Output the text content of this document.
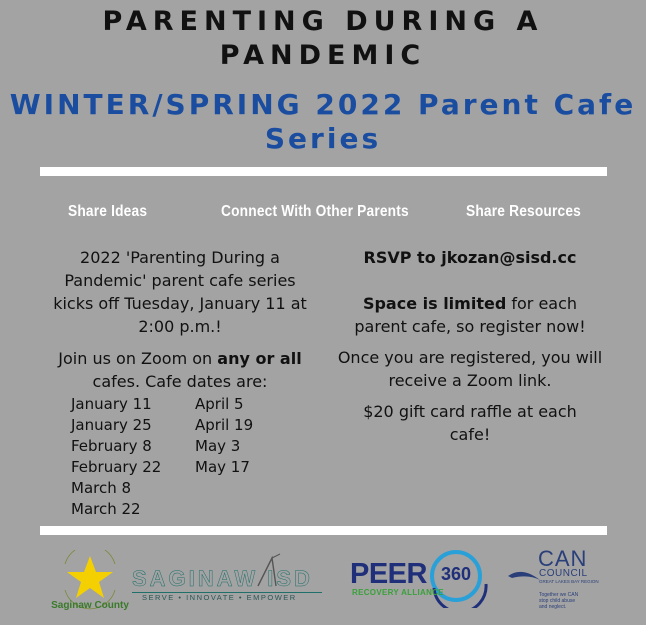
PARENTING DURING A
PANDEMIC
WINTER/SPRING 2022 Parent Cafe
Series
Share Ideas	Connect With Other Parents	Share Resources
2022 'Parenting During a
Pandemic' parent cafe series
kicks off Tuesday, January 11 at
2:00 p.m.!
Join us on Zoom on any or all
cafes. Cafe dates are:
January 11
January 25
February 8
February 22
March 8
March 22
April 5
April 19
May 3
May 17
RSVP to jkozan@sisd.cc
Space is limited for each
parent cafe, so register now!
Once you are registered, you will
receive a Zoom link.
$20 gift card raffle at each
cafe!
Saginaw County
SAGINAW ISD
SERVE • INNOVATE • EMPOWER
PEER 360
RECOVERY ALLIANCE
CAN
COUNCIL
GREAT LAKES BAY REGION
Together we CAN
stop child abuse
and neglect.
